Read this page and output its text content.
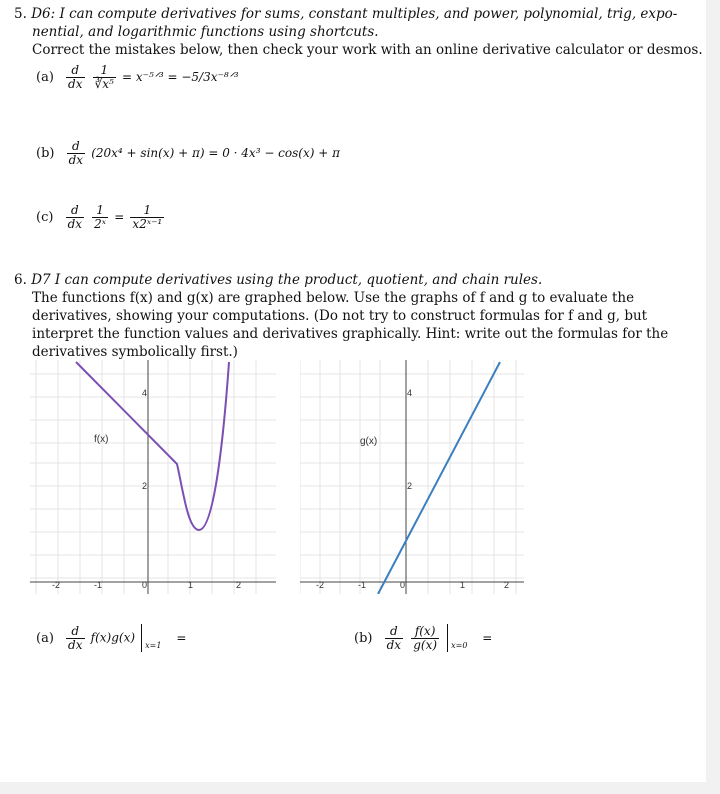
5. D6: I can compute derivatives for sums, constant multiples, and power, polynomial, trig, expo-
nential, and logarithmic functions using shortcuts.
Correct the mistakes below, then check your work with an online derivative calculator or desmos.
$(a) \frac{d}{dx}$
$\frac{1}{\text{∛x⁵}}$ = x⁻⁵ᐟ³ = −5/3x⁻⁸ᐟ³
$(b) \frac{d}{dx} (20x^4 + \sin(x) + \pi) = 0 \cdot 4x^3 - \cos(x) + \pi$
$(c) \frac{d}{dx}$
$\frac{1}{\text{2ˣ}} = \frac{1}{\text{x2ˣ⁻¹}}$
6. D7 I can compute derivatives using the product, quotient, and chain rules.
The functions f(x) and g(x) are graphed below. Use the graphs of f and g to evaluate the
derivatives, showing your computations. (Do not try to construct formulas for f and g, but
interpret the function values and derivatives graphically. Hint: write out the formulas for the
derivatives symbolically first.)
f(x)
4
2
-2	-1	0	1	2
g(x)
4
2
-2	-1	0	1	2
$(a) \frac{d}{dx} f(x)g(x)$
x=1
=	$(b) \frac{d}{dx}$
$\frac{f(x)}{g(x)}$
x=0
=
